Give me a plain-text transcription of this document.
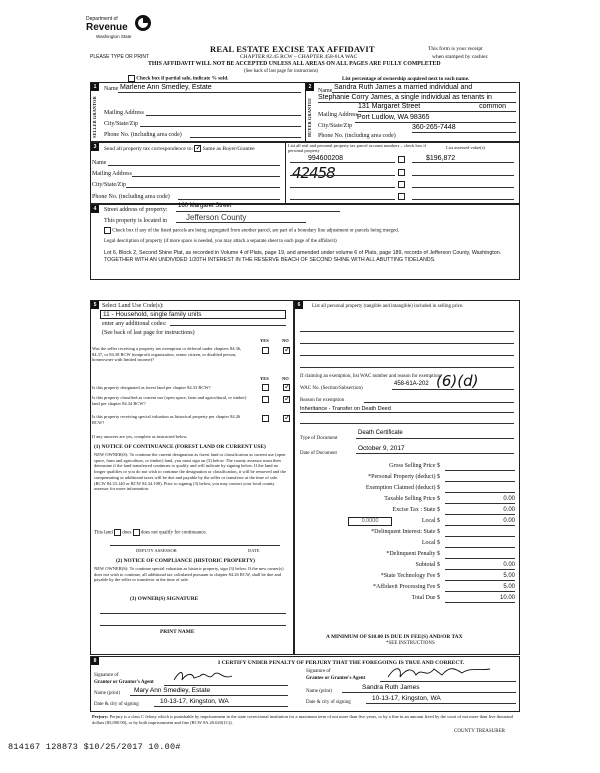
Department of
Revenue
Washington State
PLEASE TYPE OR PRINT
REAL ESTATE EXCISE TAX AFFIDAVIT
CHAPTER 82.45 RCW – CHAPTER 458-61A WAC
THIS AFFIDAVIT WILL NOT BE ACCEPTED UNLESS ALL AREAS ON ALL PAGES ARE FULLY COMPLETED
(See back of last page for instructions)
This form is your receipt
when stamped by cashier.
Check box if partial sale, indicate % sold.	List percentage of ownership acquired next to each name.
1
SELLER GRANTOR
Name Marlene Ann Smedley, Estate
Mailing Address
City/State/Zip
Phone No. (including area code)
2
BUYER GRANTEE
Name Sandra Ruth James a married individual and
Stephanie Corry James, a single individual as tenants in
Mailing Address
131 Margaret Street	common
City/State/Zip
Port Ludlow, WA 98365
Phone No. (including area code)
360-265-7448
3	Send all property tax correspondence to: ✓ Same as Buyer/Grantee
Name
Mailing Address
City/State/Zip
Phone No. (including area code)
List all real and personal property tax parcel account numbers – check box if personal property
List assessed value(s)
994600208	$196,872
42458
4	Street address of property:
160 Margaret Street
This property is located in Jefferson County
Check box if any of the listed parcels are being segregated from another parcel, are part of a boundary line adjustment or parcels being merged.
Legal description of property (if more space is needed, you may attach a separate sheet to each page of the affidavit)
Lot 6, Block 2, Second Shine Plat, as recorded in Volume 4 of Plats, page 19, and amended under volume 6 of Plats, page 189, records of Jefferson County, Washington. TOGETHER WITH AN UNDIVIDED 1/20TH INTEREST IN THE RESERVE BEACH OF SECOND SHINE WITH ALL ABUTTING TIDELANDS.
5 Select Land Use Code(s):
11 - Household, single family units
enter any additional codes:
(See back of last page for instructions)
YES	NO
Was the seller receiving a property tax exemption or deferral under chapters 84.36, 84.37, or 84.38 RCW (nonprofit organization, senior citizen, or disabled person, homeowner with limited income)?
✓
YES	NO
Is this property designated as forest land per chapter 84.33 RCW?
✓
Is this property classified as current use (open space, farm and agricultural, or timber) land per chapter 84.34 RCW?
✓
Is this property receiving special valuation as historical property per chapter 84.26 RCW?
✓
If any answers are yes, complete as instructed below.
(1) NOTICE OF CONTINUANCE (FOREST LAND OR CURRENT USE)
NEW OWNER(S): To continue the current designation as forest land or classification as current use (open space, farm and agriculture, or timber) land, you must sign on (3) below. The county assessor must then determine if the land transferred continues to qualify and will indicate by signing below. If the land no longer qualifies or you do not wish to continue the designation or classification, it will be removed and the compensating or additional taxes will be due and payable by the seller or transferor at the time of sale. (RCW 84.33.140 or RCW 84.34.108). Prior to signing (3) below, you may contact your local county assessor for more information.
This land does does not qualify for continuance.
DEPUTY ASSESSOR	DATE
(2) NOTICE OF COMPLIANCE (HISTORIC PROPERTY)
NEW OWNER(S): To continue special valuation as historic property, sign (3) below. If the new owner(s) does not wish to continue, all additional tax calculated pursuant to chapter 84.26 RCW, shall be due and payable by the seller or transferor at the time of sale.
(3) OWNER(S) SIGNATURE
PRINT NAME
6	List all personal property (tangible and intangible) included in selling price.
If claiming an exemption, list WAC number and reason for exemption:
WAC No. (Section/Subsection)
458-61A-202 (6)(d)
Reason for exemption
Inheritance - Transfer on Death Deed
Type of Document
Death Certificate
Date of Document
October 9, 2017
Gross Selling Price $
*Personal Property (deduct) $
Exemption Claimed (deduct) $
Taxable Selling Price $	0.00
Excise Tax : State $	0.00
0.0000	Local $	0.00
*Delinquent Interest: State $
Local $
*Delinquent Penalty $
Subtotal $	0.00
*State Technology Fee $	5.00
*Affidavit Processing Fee $	5.00
Total Due $	10.00
A MINIMUM OF $10.00 IS DUE IN FEE(S) AND/OR TAX
*SEE INSTRUCTIONS
8	I CERTIFY UNDER PENALTY OF PERJURY THAT THE FOREGOING IS TRUE AND CORRECT.
Signature of
Grantor or Grantor's Agent
Name (print) Mary Ann Smedley, Estate
Date & city of signing	10-13-17, Kingston, WA
Signature of
Grantee or Grantee's Agent
Name (print)
Sandra Ruth James
Date & city of signing
10-13-17, Kingston, WA
Perjury: Perjury is a class C felony which is punishable by imprisonment in the state correctional institution for a maximum term of not more than five years, or by a fine in an amount fixed by the court of not more than five thousand dollars ($5,000.00), or by both imprisonment and fine (RCW 9A.20.020(1C)).
COUNTY TREASURER
814167 128873 $10/25/2017 10.00#
